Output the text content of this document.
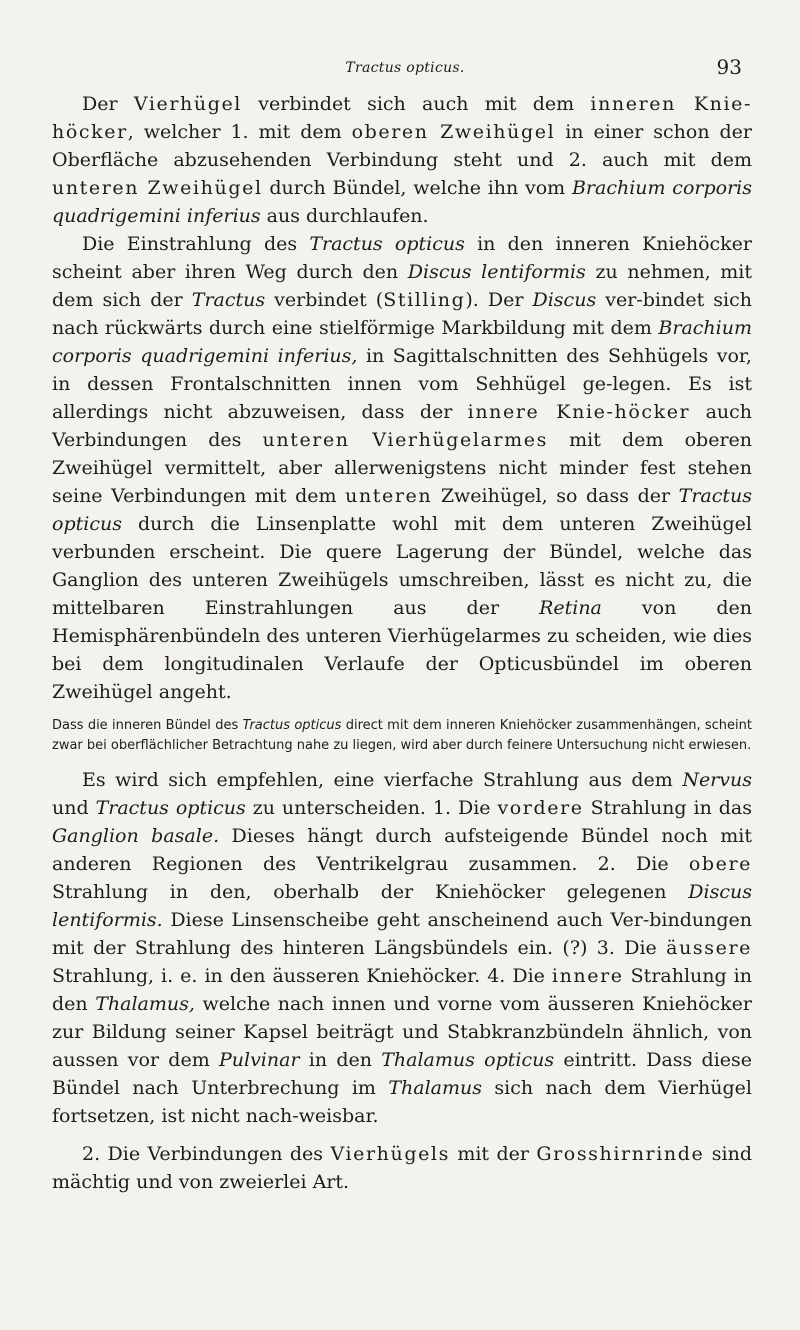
Tractus opticus.	93

Der Vierhügel verbindet sich auch mit dem inneren Knie-höcker, welcher 1. mit dem oberen Zweihügel in einer schon der Oberfläche abzusehenden Verbindung steht und 2. auch mit dem unteren Zweihügel durch Bündel, welche ihn vom Brachium corporis quadrigemini inferius aus durchlaufen.

Die Einstrahlung des Tractus opticus in den inneren Kniehöcker scheint aber ihren Weg durch den Discus lentiformis zu nehmen, mit dem sich der Tractus verbindet (Stilling). Der Discus ver-bindet sich nach rückwärts durch eine stielförmige Markbildung mit dem Brachium corporis quadrigemini inferius, in Sagittalschnitten des Sehhügels vor, in dessen Frontalschnitten innen vom Sehhügel ge-legen. Es ist allerdings nicht abzuweisen, dass der innere Knie-höcker auch Verbindungen des unteren Vierhügelarmes mit dem oberen Zweihügel vermittelt, aber allerwenigstens nicht minder fest stehen seine Verbindungen mit dem unteren Zweihügel, so dass der Tractus opticus durch die Linsenplatte wohl mit dem unteren Zweihügel verbunden erscheint. Die quere Lagerung der Bündel, welche das Ganglion des unteren Zweihügels umschreiben, lässt es nicht zu, die mittelbaren Einstrahlungen aus der Retina von den Hemisphärenbündeln des unteren Vierhügelarmes zu scheiden, wie dies bei dem longitudinalen Verlaufe der Opticusbündel im oberen Zweihügel angeht.

Dass die inneren Bündel des Tractus opticus direct mit dem inneren Kniehöcker zusammenhängen, scheint zwar bei oberflächlicher Betrachtung nahe zu liegen, wird aber durch feinere Untersuchung nicht erwiesen.

Es wird sich empfehlen, eine vierfache Strahlung aus dem Nervus und Tractus opticus zu unterscheiden. 1. Die vordere Strahlung in das Ganglion basale. Dieses hängt durch aufsteigende Bündel noch mit anderen Regionen des Ventrikelgrau zusammen. 2. Die obere Strahlung in den, oberhalb der Kniehöcker gelegenen Discus lentiformis. Diese Linsenscheibe geht anscheinend auch Ver-bindungen mit der Strahlung des hinteren Längsbündels ein. (?) 3. Die äussere Strahlung, i. e. in den äusseren Kniehöcker. 4. Die innere Strahlung in den Thalamus, welche nach innen und vorne vom äusseren Kniehöcker zur Bildung seiner Kapsel beiträgt und Stabkranzbündeln ähnlich, von aussen vor dem Pulvinar in den Thalamus opticus eintritt. Dass diese Bündel nach Unterbrechung im Thalamus sich nach dem Vierhügel fortsetzen, ist nicht nach-weisbar.

2. Die Verbindungen des Vierhügels mit der Grosshirnrinde sind mächtig und von zweierlei Art.
